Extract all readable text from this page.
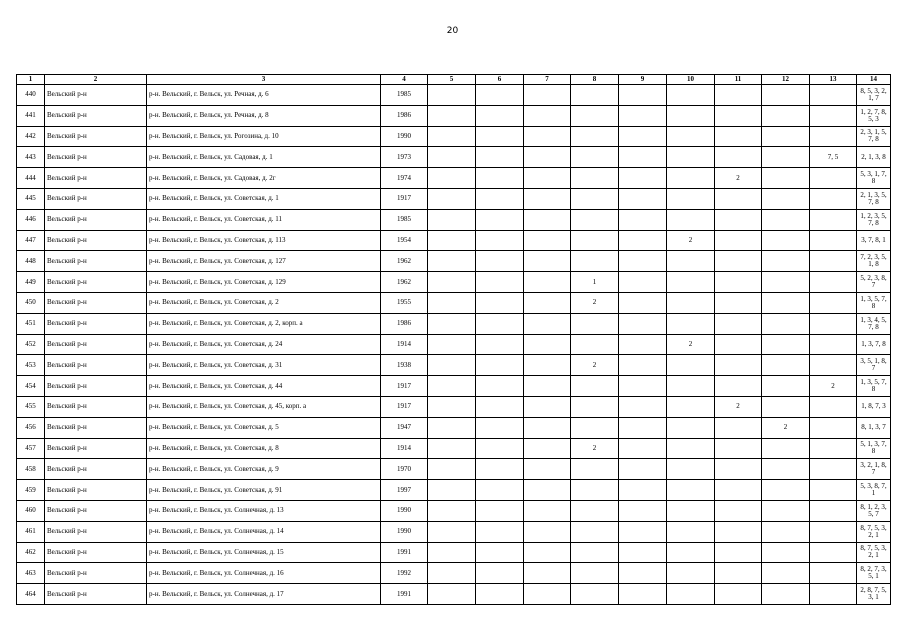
20
1	2	3	4	5	6	7	8	9	10	11	12	13	14
440	Вельский р-н	р-н. Вельский, г. Вельск, ул. Речная, д. 6	1985										8, 5, 3, 2, 1, 7
441	Вельский р-н	р-н. Вельский, г. Вельск, ул. Речная, д. 8	1986										1, 2, 7, 8, 5, 3
442	Вельский р-н	р-н. Вельский, г. Вельск, ул. Рогозина, д. 10	1990										2, 3, 1, 5, 7, 8
443	Вельский р-н	р-н. Вельский, г. Вельск, ул. Садовая, д. 1	1973									7, 5	2, 1, 3, 8
444	Вельский р-н	р-н. Вельский, г. Вельск, ул. Садовая, д. 2г	1974							2			5, 3, 1, 7, 8
445	Вельский р-н	р-н. Вельский, г. Вельск, ул. Советская, д. 1	1917										2, 1, 3, 5, 7, 8
446	Вельский р-н	р-н. Вельский, г. Вельск, ул. Советская, д. 11	1985										1, 2, 3, 5, 7, 8
447	Вельский р-н	р-н. Вельский, г. Вельск, ул. Советская, д. 113	1954						2				3, 7, 8, 1
448	Вельский р-н	р-н. Вельский, г. Вельск, ул. Советская, д. 127	1962										7, 2, 3, 5, 1, 8
449	Вельский р-н	р-н. Вельский, г. Вельск, ул. Советская, д. 129	1962				1						5, 2, 3, 8, 7
450	Вельский р-н	р-н. Вельский, г. Вельск, ул. Советская, д. 2	1955				2						1, 3, 5, 7, 8
451	Вельский р-н	р-н. Вельский, г. Вельск, ул. Советская, д. 2, корп. а	1986										1, 3, 4, 5, 7, 8
452	Вельский р-н	р-н. Вельский, г. Вельск, ул. Советская, д. 24	1914						2				1, 3, 7, 8
453	Вельский р-н	р-н. Вельский, г. Вельск, ул. Советская, д. 31	1938				2						3, 5, 1, 8, 7
454	Вельский р-н	р-н. Вельский, г. Вельск, ул. Советская, д. 44	1917									2	1, 3, 5, 7, 8
455	Вельский р-н	р-н. Вельский, г. Вельск, ул. Советская, д. 45, корп. а	1917							2			1, 8, 7, 3
456	Вельский р-н	р-н. Вельский, г. Вельск, ул. Советская, д. 5	1947								2		8, 1, 3, 7
457	Вельский р-н	р-н. Вельский, г. Вельск, ул. Советская, д. 8	1914				2						5, 1, 3, 7, 8
458	Вельский р-н	р-н. Вельский, г. Вельск, ул. Советская, д. 9	1970										3, 2, 1, 8, 7
459	Вельский р-н	р-н. Вельский, г. Вельск, ул. Советская, д. 91	1997										5, 3, 8, 7, 1
460	Вельский р-н	р-н. Вельский, г. Вельск, ул. Солнечная, д. 13	1990										8, 1, 2, 3, 5, 7
461	Вельский р-н	р-н. Вельский, г. Вельск, ул. Солнечная, д. 14	1990										8, 7, 5, 3, 2, 1
462	Вельский р-н	р-н. Вельский, г. Вельск, ул. Солнечная, д. 15	1991										8, 7, 5, 3, 2, 1
463	Вельский р-н	р-н. Вельский, г. Вельск, ул. Солнечная, д. 16	1992										8, 2, 7, 3, 5, 1
464	Вельский р-н	р-н. Вельский, г. Вельск, ул. Солнечная, д. 17	1991										2, 8, 7, 5, 3, 1
